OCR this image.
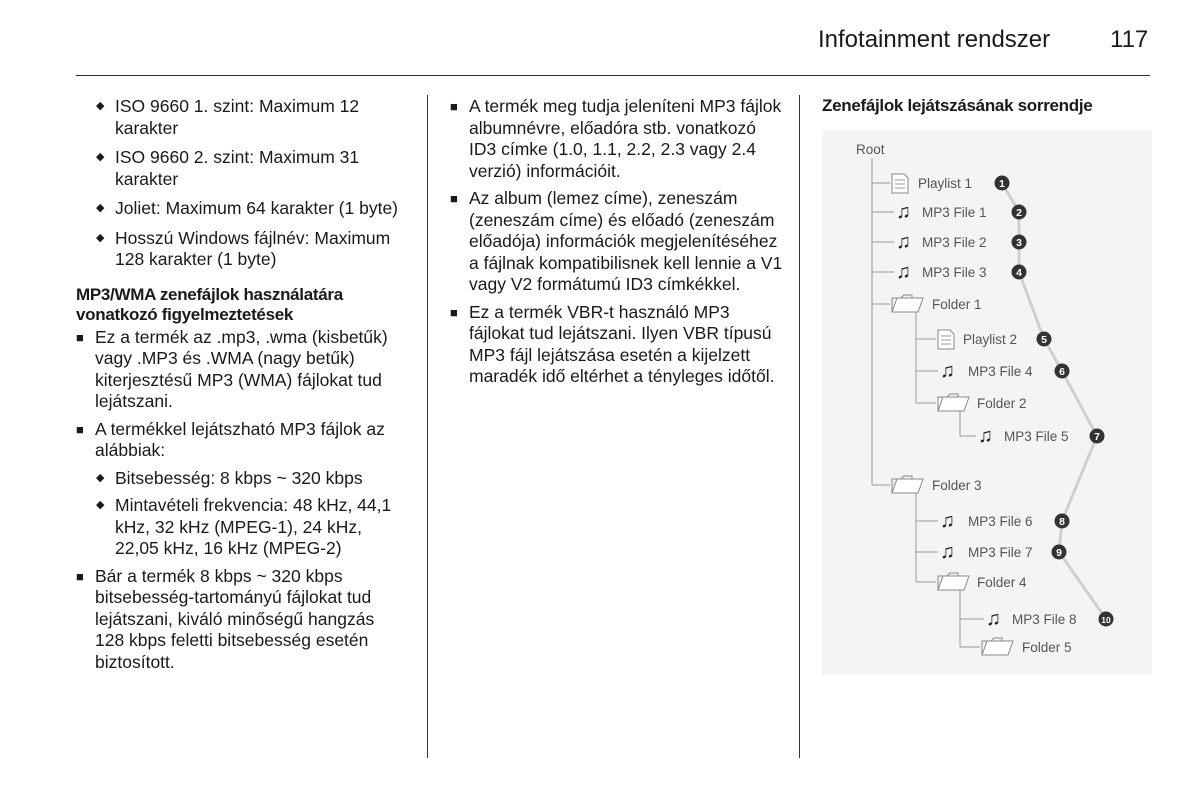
Infotainment rendszer 117
◆ ISO 9660 1. szint: Maximum 12 karakter
◆ ISO 9660 2. szint: Maximum 31 karakter
◆ Joliet: Maximum 64 karakter (1 byte)
◆ Hosszú Windows fájlnév: Maximum 128 karakter (1 byte)
MP3/WMA zenefájlok használatára vonatkozó figyelmeztetések
■ Ez a termék az .mp3, .wma (kisbetűk) vagy .MP3 és .WMA (nagy betűk) kiterjesztésű MP3 (WMA) fájlokat tud lejátszani.
■ A termékkel lejátszható MP3 fájlok az alábbiak:
◆ Bitsebesség: 8 kbps ~ 320 kbps
◆ Mintavételi frekvencia: 48 kHz, 44,1 kHz, 32 kHz (MPEG-1), 24 kHz, 22,05 kHz, 16 kHz (MPEG-2)
■ Bár a termék 8 kbps ~ 320 kbps bitsebesség-tartományú fájlokat tud lejátszani, kiváló minőségű hangzás 128 kbps feletti bitsebesség esetén biztosított.
■ A termék meg tudja jeleníteni MP3 fájlok albumnévre, előadóra stb. vonatkozó ID3 címke (1.0, 1.1, 2.2, 2.3 vagy 2.4 verzió) információit.
■ Az album (lemez címe), zeneszám (zeneszám címe) és előadó (zeneszám előadója) információk megjelenítéséhez a fájlnak kompatibilisnek kell lennie a V1 vagy V2 formátumú ID3 címkékkel.
■ Ez a termék VBR-t használó MP3 fájlokat tud lejátszani. Ilyen VBR típusú MP3 fájl lejátszása esetén a kijelzett maradék idő eltérhet a tényleges időtől.
Zenefájlok lejátszásának sorrendje
Root
Playlist 1	1
♫ MP3 File 1	2
♫ MP3 File 2	3
♫ MP3 File 3	4
Folder 1
Playlist 2 5
♫ MP3 File 4	6
Folder 2
♫ MP3 File 5 7
Folder 3
♫ MP3 File 6	8
♫ MP3 File 7 9
Folder 4
♫ MP3 File 8	10
Folder 5
